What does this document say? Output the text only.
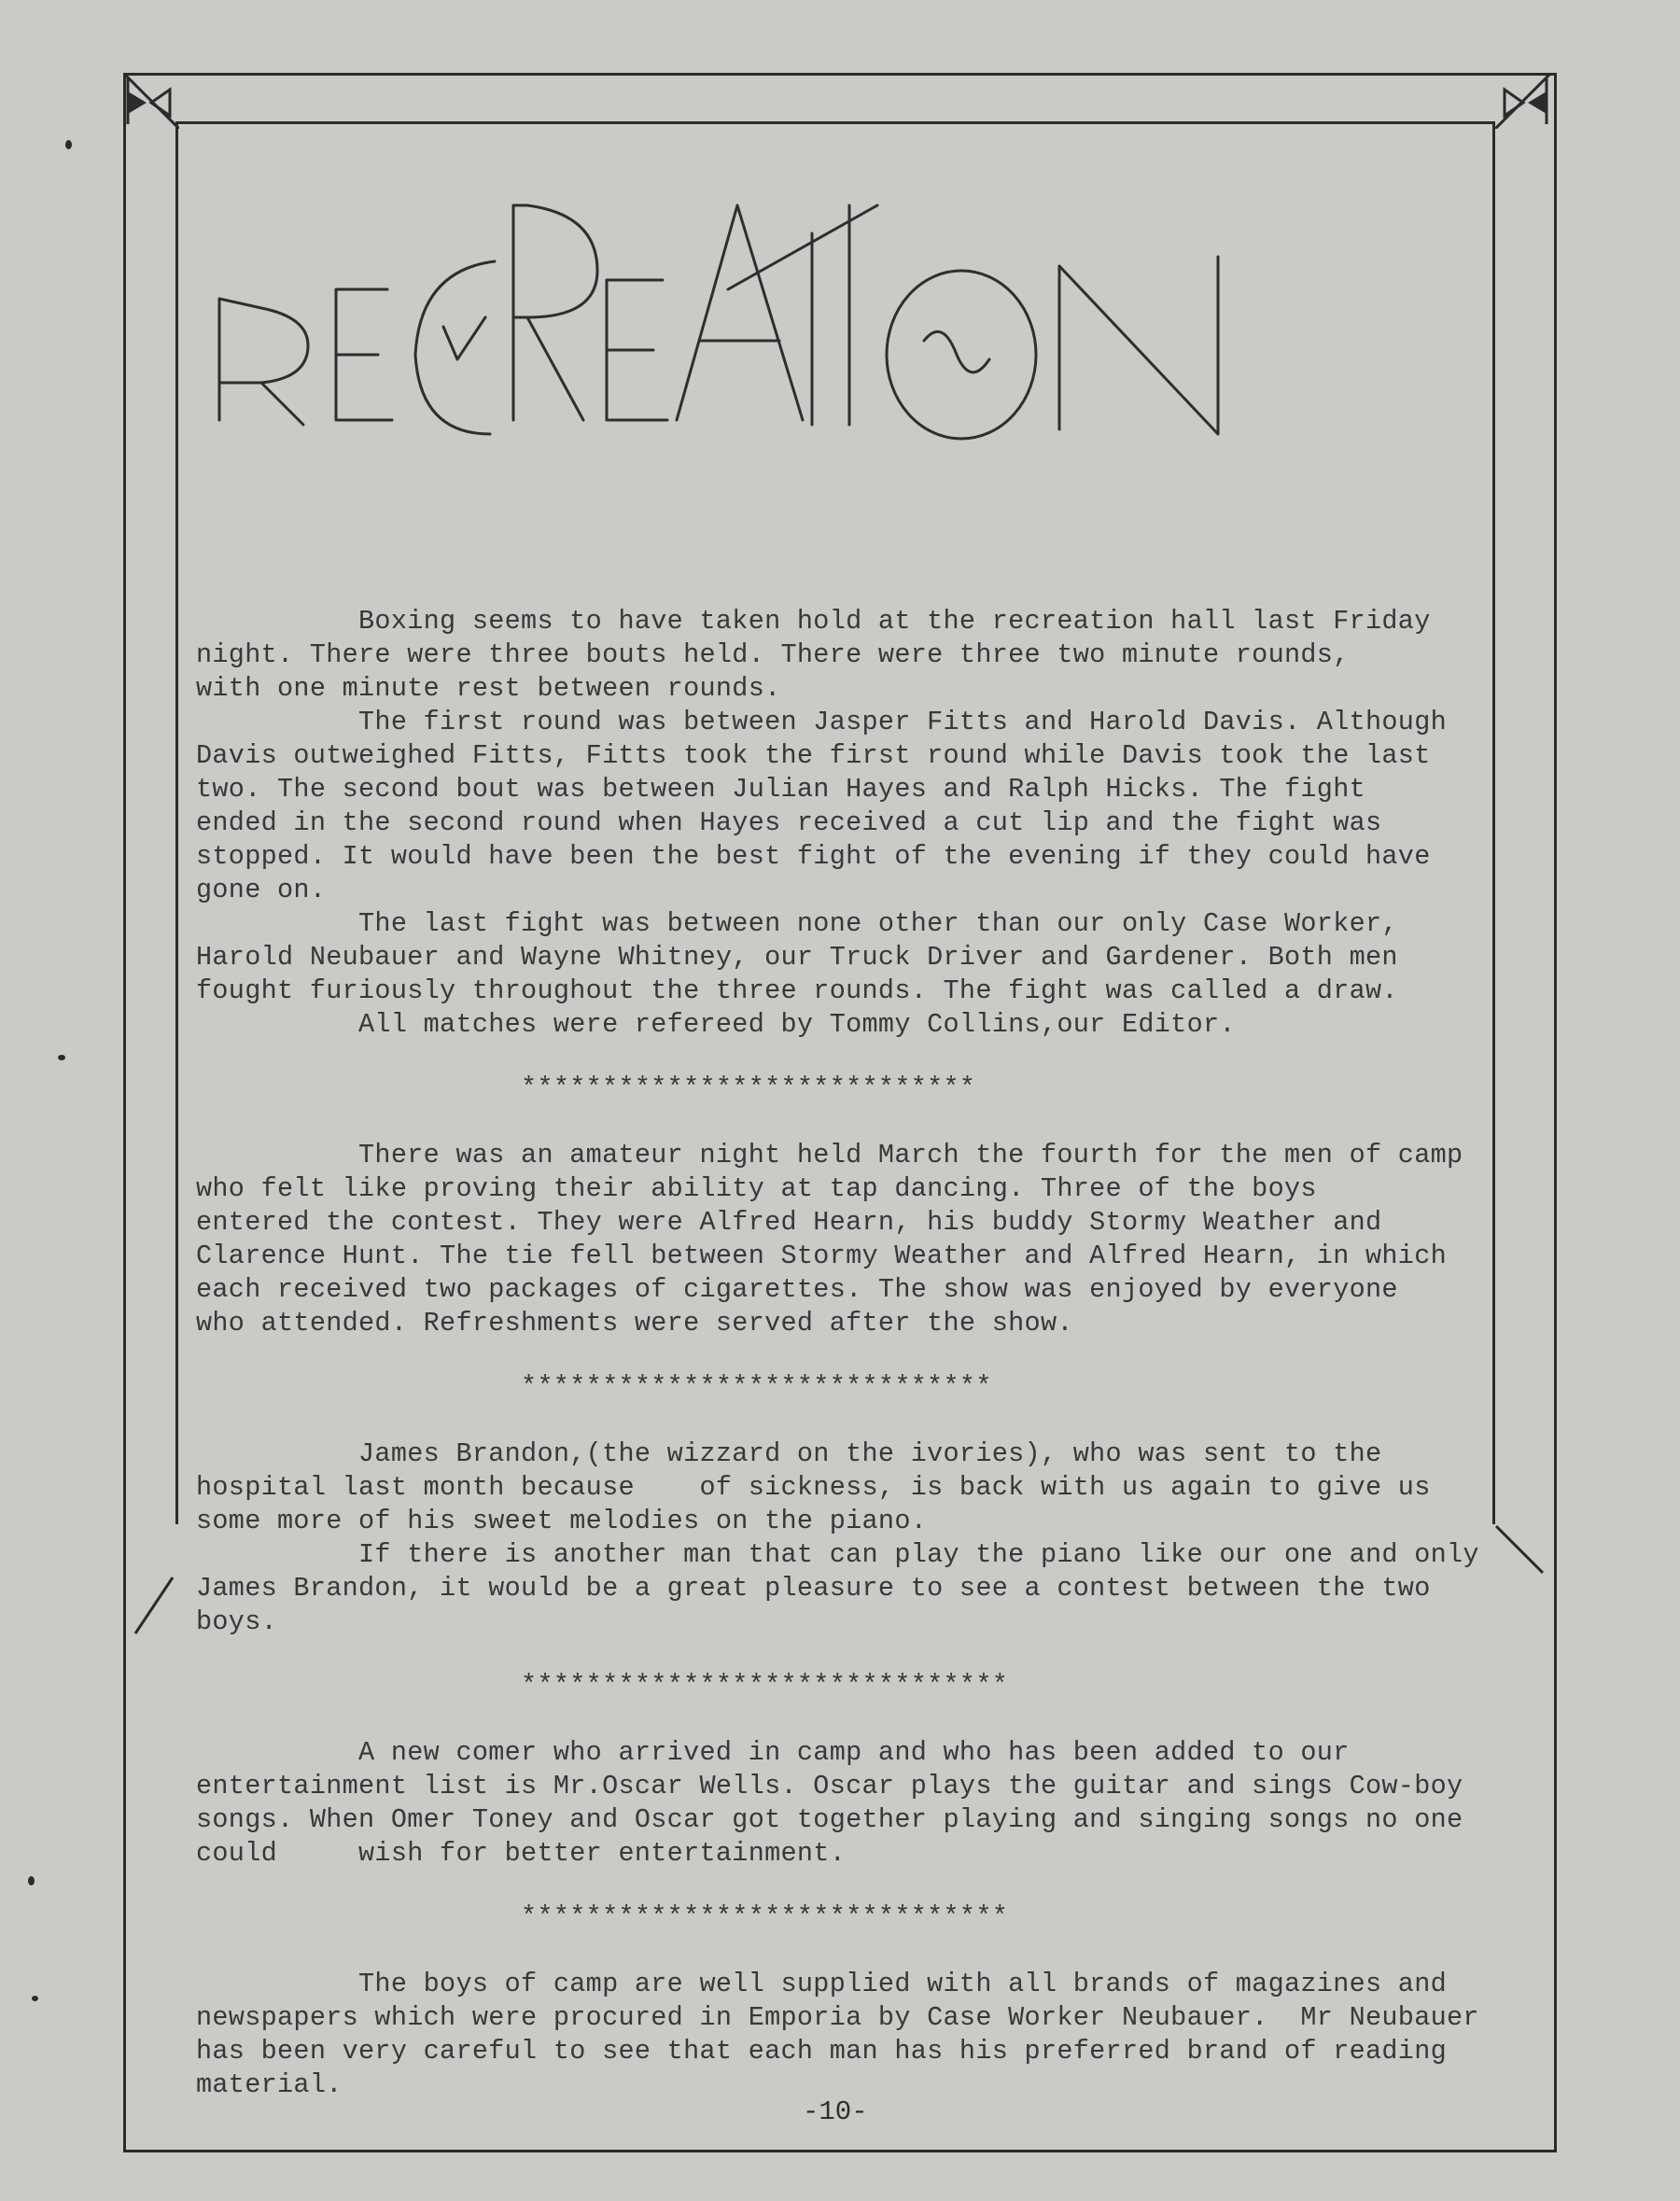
Boxing seems to have taken hold at the recreation hall last Friday

night. There were three bouts held. There were three two minute rounds,

with one minute rest between rounds.

The first round was between Jasper Fitts and Harold Davis. Although

Davis outweighed Fitts, Fitts took the first round while Davis took the last

two. The second bout was between Julian Hayes and Ralph Hicks. The fight

ended in the second round when Hayes received a cut lip and the fight was

stopped. It would have been the best fight of the evening if they could have

gone on.

The last fight was between none other than our only Case Worker,

Harold Neubauer and Wayne Whitney, our Truck Driver and Gardener. Both men

fought furiously throughout the three rounds. The fight was called a draw.

All matches were refereed by Tommy Collins,our Editor.

****************************

There was an amateur night held March the fourth for the men of camp

who felt like proving their ability at tap dancing. Three of the boys

entered the contest. They were Alfred Hearn, his buddy Stormy Weather and

Clarence Hunt. The tie fell between Stormy Weather and Alfred Hearn, in which

each received two packages of cigarettes. The show was enjoyed by everyone

who attended. Refreshments were served after the show.

*****************************

James Brandon,(the wizzard on the ivories), who was sent to the

hospital last month because    of sickness, is back with us again to give us

some more of his sweet melodies on the piano.

If there is another man that can play the piano like our one and only

James Brandon, it would be a great pleasure to see a contest between the two

boys.

******************************

A new comer who arrived in camp and who has been added to our

entertainment list is Mr.Oscar Wells. Oscar plays the guitar and sings Cow-boy

songs. When Omer Toney and Oscar got together playing and singing songs no one

could     wish for better entertainment.

******************************

The boys of camp are well supplied with all brands of magazines and

newspapers which were procured in Emporia by Case Worker Neubauer.  Mr Neubauer

has been very careful to see that each man has his preferred brand of reading

material.

-10-
